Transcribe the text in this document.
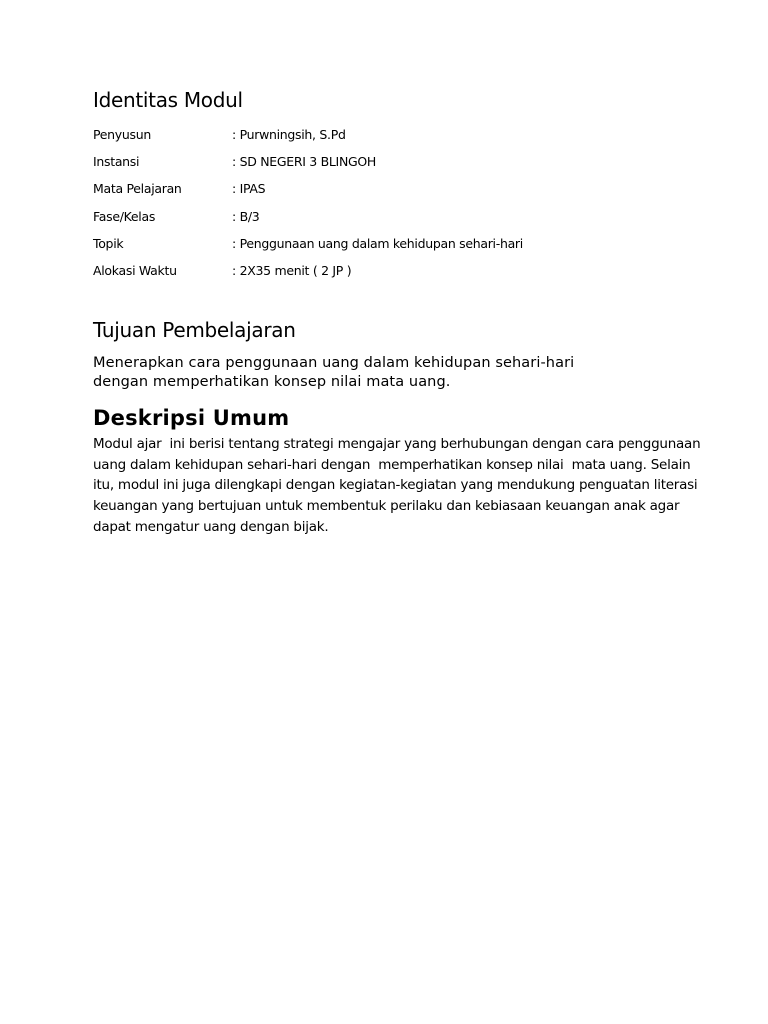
Identitas Modul
Penyusun	: Purwningsih, S.Pd
Instansi	: SD NEGERI 3 BLINGOH
Mata Pelajaran	: IPAS
Fase/Kelas	: B/3
Topik	: Penggunaan uang dalam kehidupan sehari-hari
Alokasi Waktu	: 2X35 menit ( 2 JP )
Tujuan Pembelajaran

Menerapkan cara penggunaan uang dalam kehidupan sehari-hari
dengan memperhatikan konsep nilai mata uang.

Deskripsi Umum

Modul ajar  ini berisi tentang strategi mengajar yang berhubungan dengan cara penggunaan
uang dalam kehidupan sehari-hari dengan  memperhatikan konsep nilai  mata uang. Selain
itu, modul ini juga dilengkapi dengan kegiatan-kegiatan yang mendukung penguatan literasi
keuangan yang bertujuan untuk membentuk perilaku dan kebiasaan keuangan anak agar
dapat mengatur uang dengan bijak.
